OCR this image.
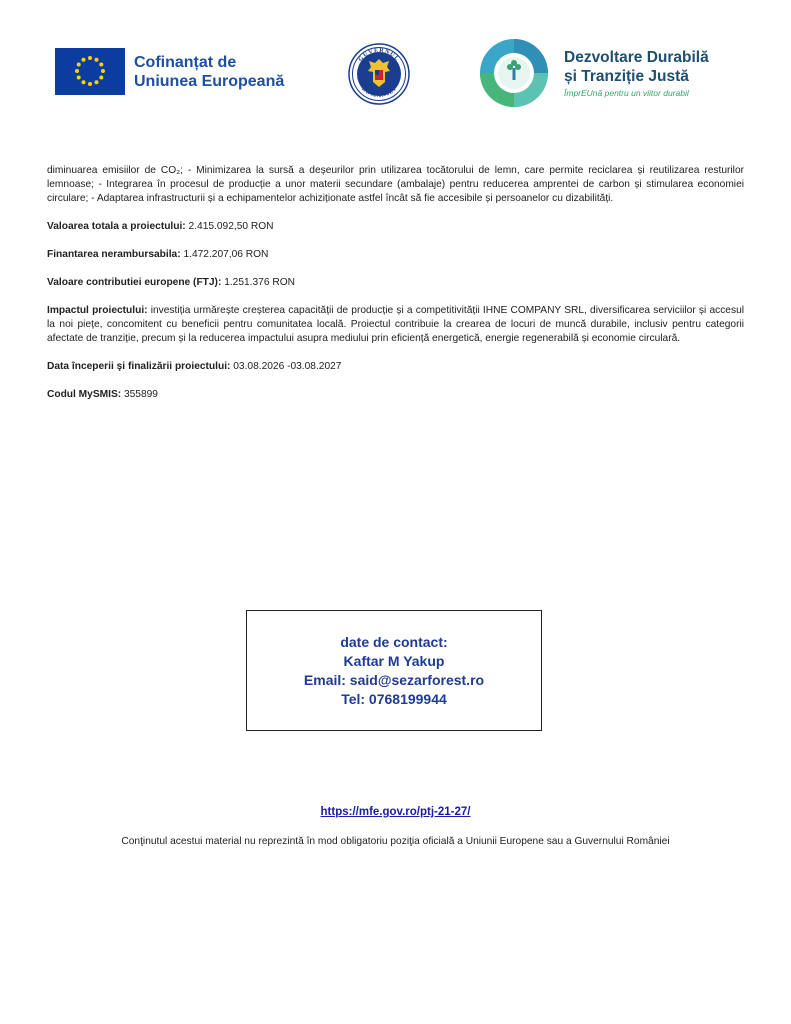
Cofinanțat de
Uniunea Europeană
GUVERNUL
ROMÂNIEI
Dezvoltare Durabilă
și Tranziție Justă
ÎmprEUnă pentru un viitor durabil

diminuarea emisiilor de CO₂; - Minimizarea la sursă a deșeurilor prin utilizarea tocătorului de lemn, care permite reciclarea și reutilizarea resturilor lemnoase; - Integrarea în procesul de producție a unor materii secundare (ambalaje) pentru reducerea amprentei de carbon și stimularea economiei circulare; - Adaptarea infrastructurii și a echipamentelor achiziționate astfel încât să fie accesibile și persoanelor cu dizabilități.

Valoarea totala a proiectului: 2.415.092,50 RON

Finantarea nerambursabila: 1.472.207,06 RON

Valoare contributiei europene (FTJ): 1.251.376 RON

Impactul proiectului: investiția urmărește creșterea capacității de producție și a competitivității IHNE COMPANY SRL, diversificarea serviciilor și accesul la noi piețe, concomitent cu beneficii pentru comunitatea locală. Proiectul contribuie la crearea de locuri de muncă durabile, inclusiv pentru categorii afectate de tranziție, precum și la reducerea impactului asupra mediului prin eficiență energetică, energie regenerabilă și economie circulară.

Data începerii şi finalizării proiectului: 03.08.2026 -03.08.2027

Codul MySMIS: 355899

date de contact:
Kaftar M Yakup
Email: said@sezarforest.ro
Tel: 0768199944
https://mfe.gov.ro/ptj-21-27/
Conţinutul acestui material nu reprezintă în mod obligatoriu poziţia oficială a Uniunii Europene sau a Guvernului României
